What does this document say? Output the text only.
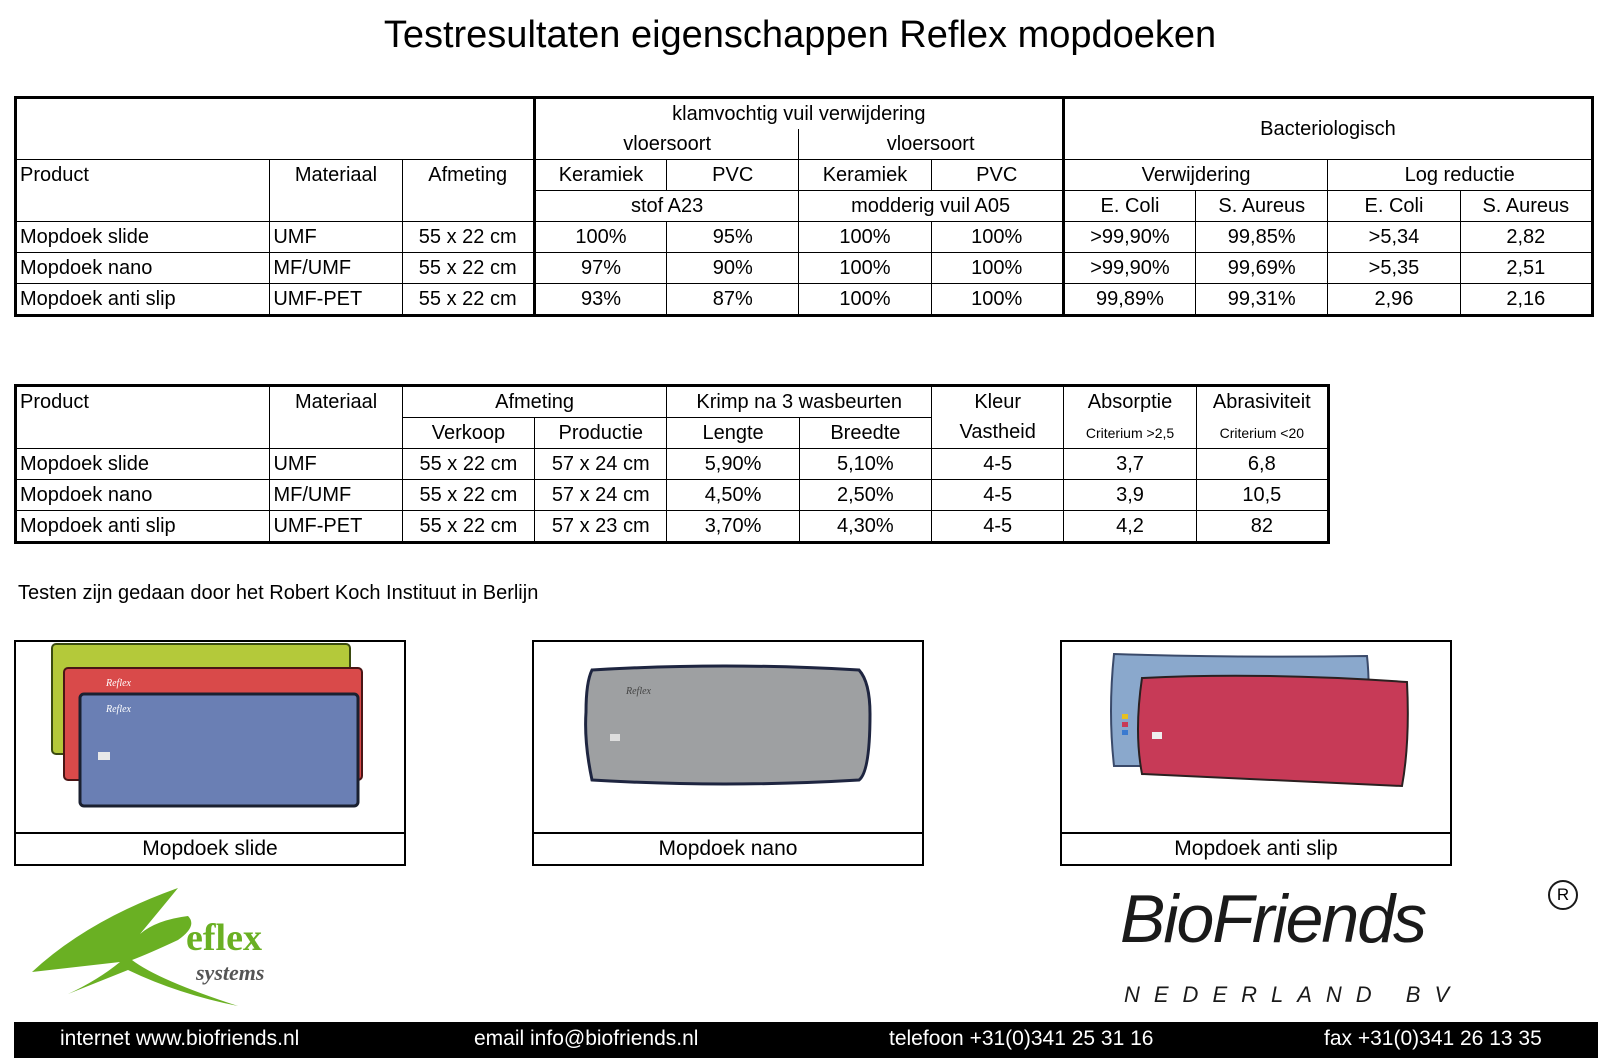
Testresultaten eigenschappen Reflex mopdoeken
			klamvochtig vuil verwijdering				Bacteriologisch			
			vloersoort		vloersoort					
Product	Materiaal	Afmeting	Keramiek	PVC	Keramiek	PVC	Verwijdering		Log reductie	
			stof A23		modderig vuil A05		E. Coli	S. Aureus	E. Coli	S. Aureus
Mopdoek slide	UMF	55 x 22 cm	100%	95%	100%	100%	>99,90%	99,85%	>5,34	2,82
Mopdoek nano	MF/UMF	55 x 22 cm	97%	90%	100%	100%	>99,90%	99,69%	>5,35	2,51
Mopdoek anti slip	UMF-PET	55 x 22 cm	93%	87%	100%	100%	99,89%	99,31%	2,96	2,16
Product	Materiaal	Afmeting		Krimp na 3 wasbeurten		Kleur	Absorptie	Abrasiviteit
		Verkoop	Productie	Lengte	Breedte	Vastheid	Criterium >2,5	Criterium <20
Mopdoek slide	UMF	55 x 22 cm	57 x 24 cm	5,90%	5,10%	4-5	3,7	6,8
Mopdoek nano	MF/UMF	55 x 22 cm	57 x 24 cm	4,50%	2,50%	4-5	3,9	10,5
Mopdoek anti slip	UMF-PET	55 x 22 cm	57 x 23 cm	3,70%	4,30%	4-5	4,2	82
Testen zijn gedaan door het Robert Koch Instituut in Berlijn
Reflex
Reflex
Mopdoek slide
Reflex
Mopdoek nano	Mopdoek anti slip
eflex
systems
BioFriends	R
NEDERLAND BV
internet www.biofriends.nl	email info@biofriends.nl	telefoon +31(0)341 25 31 16	fax +31(0)341 26 13 35
